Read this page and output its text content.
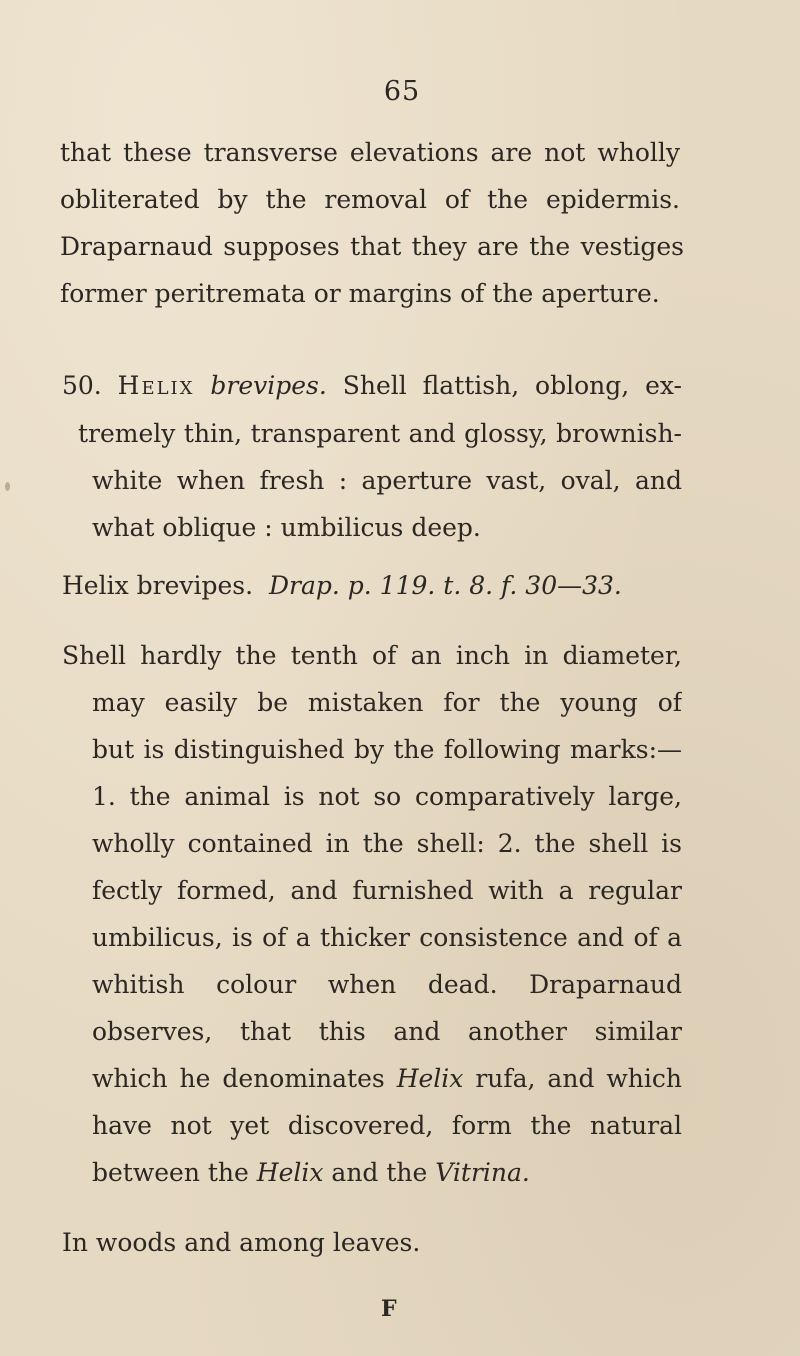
65
that these transverse elevations are not wholly
obliterated by the removal of the epidermis.
Draparnaud supposes that they are the vestiges
former peritremata or margins of the aperture.
50. Helix brevipes. Shell flattish, oblong, ex-
tremely thin, transparent and glossy, brownish-
white when fresh : aperture vast, oval, and
what oblique : umbilicus deep.
Helix brevipes. Drap. p. 119. t. 8. f. 30—33.
Shell hardly the tenth of an inch in diameter,
may easily be mistaken for the young of
but is distinguished by the following marks:—
1. the animal is not so comparatively large,
wholly contained in the shell: 2. the shell is
fectly formed, and furnished with a regular
umbilicus, is of a thicker consistence and of a
whitish colour when dead. Draparnaud
observes, that this and another similar
which he denominates Helix rufa, and which
have not yet discovered, form the natural
between the Helix and the Vitrina.
In woods and among leaves.
F
